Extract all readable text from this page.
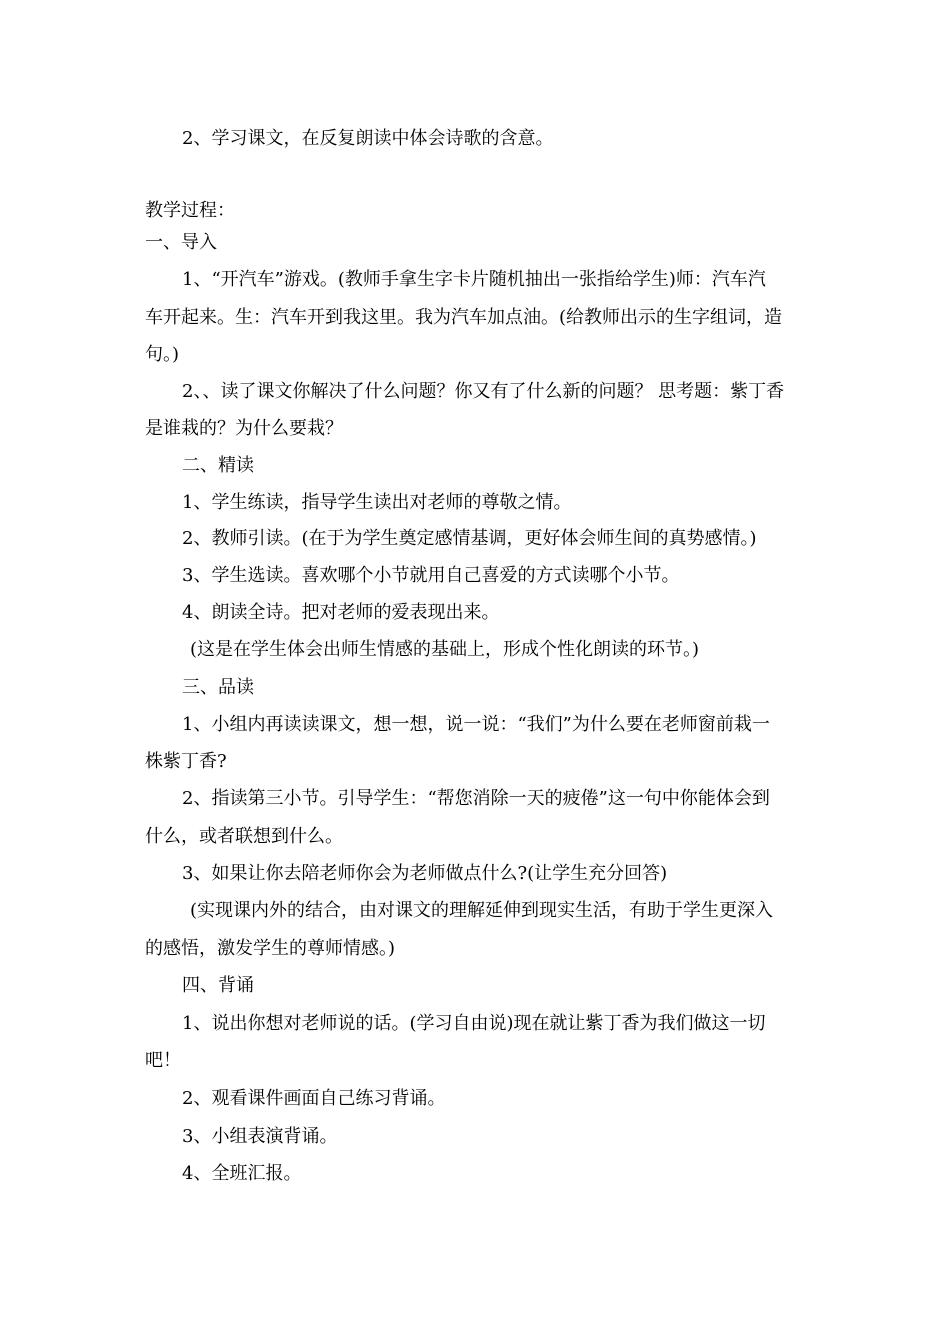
2、学习课文，在反复朗读中体会诗歌的含意。
教学过程：
一、导入
1、“开汽车”游戏。(教师手拿生字卡片随机抽出一张指给学生)师：汽车汽
车开起来。生：汽车开到我这里。我为汽车加点油。(给教师出示的生字组词，造
句。)
2、、读了课文你解决了什么问题？你又有了什么新的问题？ 思考题：紫丁香
是谁栽的？为什么要栽？
二、精读
1、学生练读，指导学生读出对老师的尊敬之情。
2、教师引读。(在于为学生奠定感情基调，更好体会师生间的真势感情。)
3、学生选读。喜欢哪个小节就用自己喜爱的方式读哪个小节。
4、朗读全诗。把对老师的爱表现出来。
(这是在学生体会出师生情感的基础上，形成个性化朗读的环节。)
三、品读
1、小组内再读读课文，想一想，说一说：“我们”为什么要在老师窗前栽一
株紫丁香?
2、指读第三小节。引导学生：“帮您消除一天的疲倦”这一句中你能体会到
什么，或者联想到什么。
3、如果让你去陪老师你会为老师做点什么?(让学生充分回答)
(实现课内外的结合，由对课文的理解延伸到现实生活，有助于学生更深入
的感悟，激发学生的尊师情感。)
四、背诵
1、说出你想对老师说的话。(学习自由说)现在就让紫丁香为我们做这一切
吧！
2、观看课件画面自己练习背诵。
3、小组表演背诵。
4、全班汇报。
